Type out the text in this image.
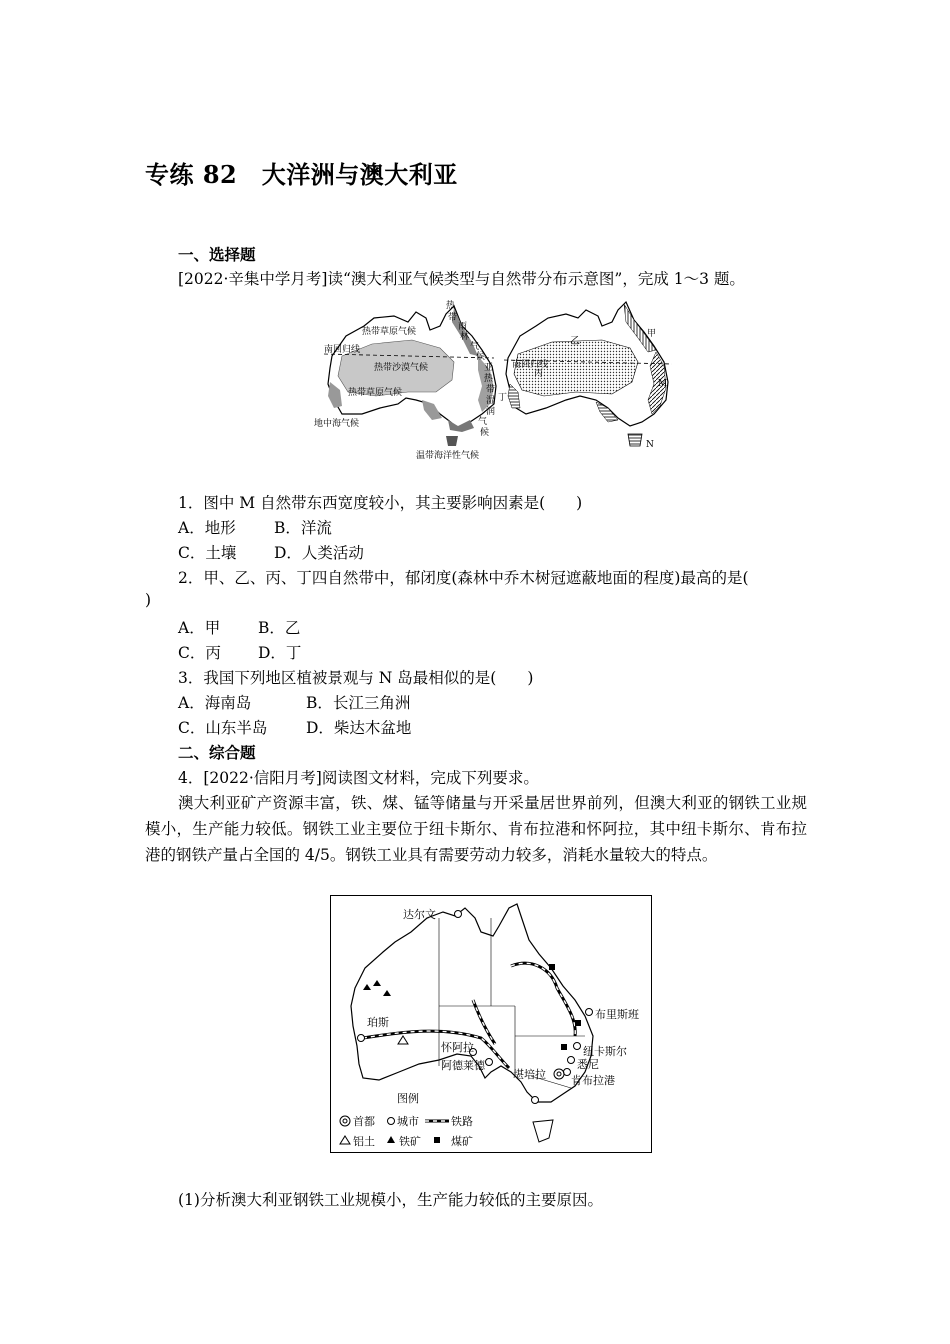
专练 82　大洋洲与澳大利亚
一、选择题
[2022·辛集中学月考]读“澳大利亚气候类型与自然带分布示意图”，完成 1～3 题。
热带草原气候
南回归线
热带沙漠气候
热带草原气候
地中海气候
温带海洋性气候
热
带
雨
林
气
候
亚
热
带
湿
润
气
候
甲
乙
丙
丁
南回归线
M
N
1．图中 M 自然带东西宽度较小，其主要影响因素是(　　)
A．地形 B．洋流
C．土壤 D．人类活动
2．甲、乙、丙、丁四自然带中，郁闭度(森林中乔木树冠遮蔽地面的程度)最高的是(
)
A．甲 B．乙
C．丙 D．丁
3．我国下列地区植被景观与 N 岛最相似的是(　　)
A．海南岛	B．长江三角洲
C．山东半岛 D．柴达木盆地
二、综合题
4．[2022·信阳月考]阅读图文材料，完成下列要求。
澳大利亚矿产资源丰富，铁、煤、锰等储量与开采量居世界前列，但澳大利亚的钢铁工业规模小，生产能力较低。钢铁工业主要位于纽卡斯尔、肯布拉港和怀阿拉，其中纽卡斯尔、肯布拉港的钢铁产量占全国的 4/5。钢铁工业具有需要劳动力较多，消耗水量较大的特点。
达尔文
布里斯班
珀斯
怀阿拉
阿德莱德
纽卡斯尔
悉尼
堪培拉 肯布拉港
图例
首都 城市	铁路
铝土 铁矿	煤矿
(1)分析澳大利亚钢铁工业规模小，生产能力较低的主要原因。
